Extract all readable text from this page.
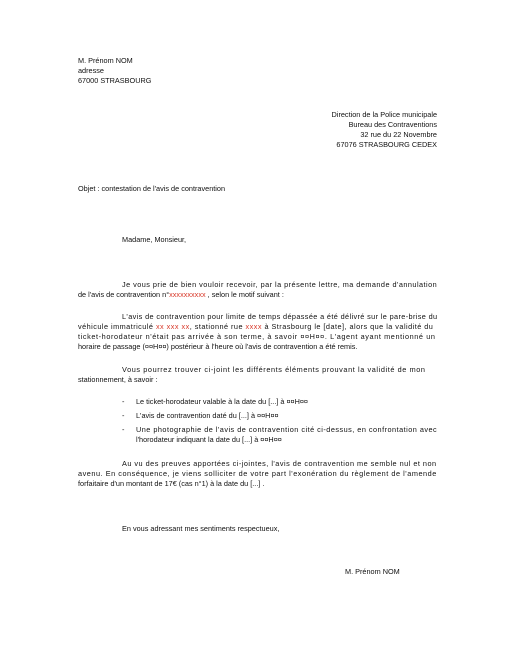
M. Prénom NOM
adresse
67000 STRASBOURG
Direction de la Police municipale
Bureau des Contraventions
32 rue du 22 Novembre
67076 STRASBOURG CEDEX
Objet : contestation de l'avis de contravention
Madame, Monsieur,
Je vous prie de bien vouloir recevoir, par la présente lettre, ma demande d'annulation
de l'avis de contravention n°xxxxxxxxxx , selon le motif suivant :
L'avis de contravention pour limite de temps dépassée a été délivré sur le pare-brise du
véhicule immatriculé xx xxx xx, stationné rue xxxx à Strasbourg le [date], alors que la validité du
ticket-horodateur n'était pas arrivée à son terme, à savoir ¤¤H¤¤. L'agent ayant mentionné un
horaire de passage (¤¤H¤¤) postérieur à l'heure où l'avis de contravention a été remis.
Vous pourrez trouver ci-joint les différents éléments prouvant la validité de mon
stationnement, à savoir :
- Le ticket-horodateur valable à la date du [...] à ¤¤H¤¤
- L'avis de contravention daté du [...] à ¤¤H¤¤
- Une photographie de l'avis de contravention cité ci-dessus, en confrontation avec
l'horodateur indiquant la date du [...] à ¤¤H¤¤
Au vu des preuves apportées ci-jointes, l'avis de contravention me semble nul et non
avenu. En conséquence, je viens solliciter de votre part l'exonération du règlement de l'amende
forfaitaire d'un montant de 17€ (cas n°1) à la date du [...] .
En vous adressant mes sentiments respectueux,
M. Prénom NOM
